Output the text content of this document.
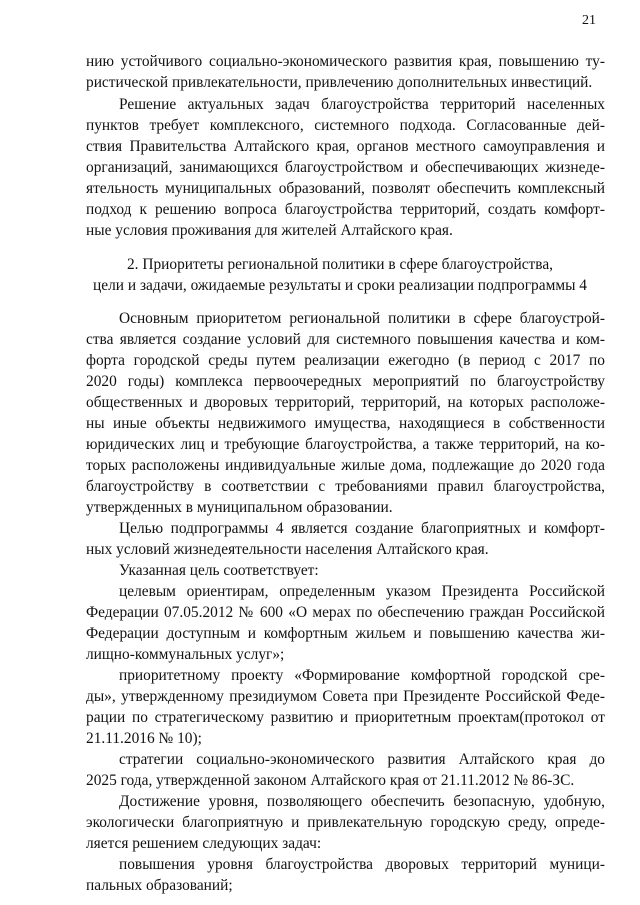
21
нию устойчивого социально-экономического развития края, повышению ту-
ристической привлекательности, привлечению дополнительных инвестиций.
Решение актуальных задач благоустройства территорий населенных
пунктов требует комплексного, системного подхода. Согласованные дей-
ствия Правительства Алтайского края, органов местного самоуправления и
организаций, занимающихся благоустройством и обеспечивающих жизнеде-
ятельность муниципальных образований, позволят обеспечить комплексный
подход к решению вопроса благоустройства территорий, создать комфорт-
ные условия проживания для жителей Алтайского края.
2. Приоритеты региональной политики в сфере благоустройства,
цели и задачи, ожидаемые результаты и сроки реализации подпрограммы 4
Основным приоритетом региональной политики в сфере благоустрой-
ства является создание условий для системного повышения качества и ком-
форта городской среды путем реализации ежегодно (в период с 2017 по
2020 годы) комплекса первоочередных мероприятий по благоустройству
общественных и дворовых территорий, территорий, на которых расположе-
ны иные объекты недвижимого имущества, находящиеся в собственности
юридических лиц и требующие благоустройства, а также территорий, на ко-
торых расположены индивидуальные жилые дома, подлежащие до 2020 года
благоустройству в соответствии с требованиями правил благоустройства,
утвержденных в муниципальном образовании.
Целью подпрограммы 4 является создание благоприятных и комфорт-
ных условий жизнедеятельности населения Алтайского края.
Указанная цель соответствует:
целевым ориентирам, определенным указом Президента Российской
Федерации 07.05.2012 № 600 «О мерах по обеспечению граждан Российской
Федерации доступным и комфортным жильем и повышению качества жи-
лищно-коммунальных услуг»;
приоритетному проекту «Формирование комфортной городской сре-
ды», утвержденному президиумом Совета при Президенте Российской Феде-
рации по стратегическому развитию и приоритетным проектам(протокол от
21.11.2016 № 10);
стратегии социально-экономического развития Алтайского края до
2025 года, утвержденной законом Алтайского края от 21.11.2012 № 86-ЗС.
Достижение уровня, позволяющего обеспечить безопасную, удобную,
экологически благоприятную и привлекательную городскую среду, опреде-
ляется решением следующих задач:
повышения уровня благоустройства дворовых территорий муници-
пальных образований;
